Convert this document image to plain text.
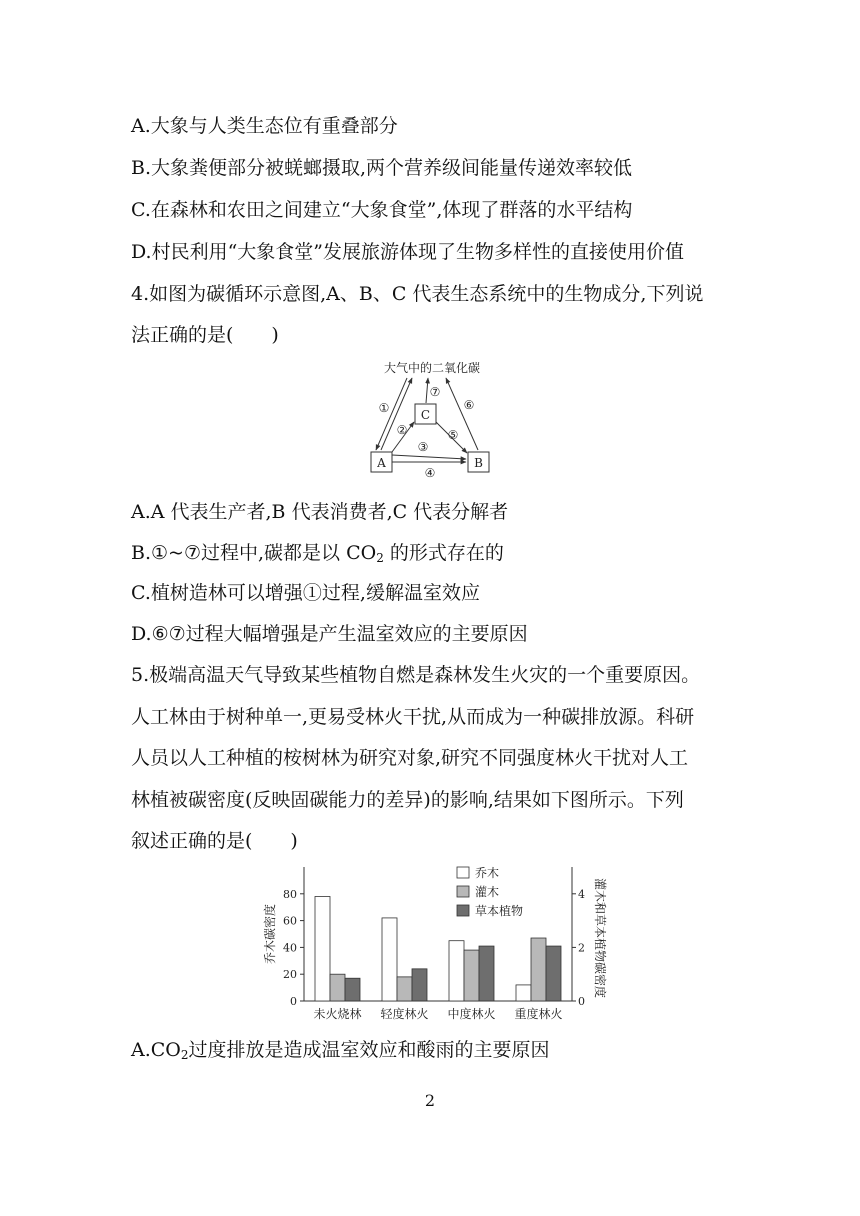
A.大象与人类生态位有重叠部分
B.大象粪便部分被蜣螂摄取,两个营养级间能量传递效率较低
C.在森林和农田之间建立“大象食堂”,体现了群落的水平结构
D.村民利用“大象食堂”发展旅游体现了生物多样性的直接使用价值
4.如图为碳循环示意图,A、B、C 代表生态系统中的生物成分,下列说
法正确的是(　　)
大气中的二氧化碳
C
A	B
①
②
③
④
⑤
⑥
⑦
A.A 代表生产者,B 代表消费者,C 代表分解者
B.①~⑦过程中,碳都是以 $CO_2$ 的形式存在的
C.植树造林可以增强①过程,缓解温室效应
D.⑥⑦过程大幅增强是产生温室效应的主要原因
5.极端高温天气导致某些植物自燃是森林发生火灾的一个重要原因。
人工林由于树种单一,更易受林火干扰,从而成为一种碳排放源。科研
人员以人工种植的桉树林为研究对象,研究不同强度林火干扰对人工
林植被碳密度(反映固碳能力的差异)的影响,结果如下图所示。下列
叙述正确的是(　　)
0
20
40
60
80
0
2
4
乔木碳密度	灌木和草本植物碳密度
未火烧林 轻度林火 中度林火 重度林火
乔木
灌木
草本植物
$A.CO_2$过度排放是造成温室效应和酸雨的主要原因
2
